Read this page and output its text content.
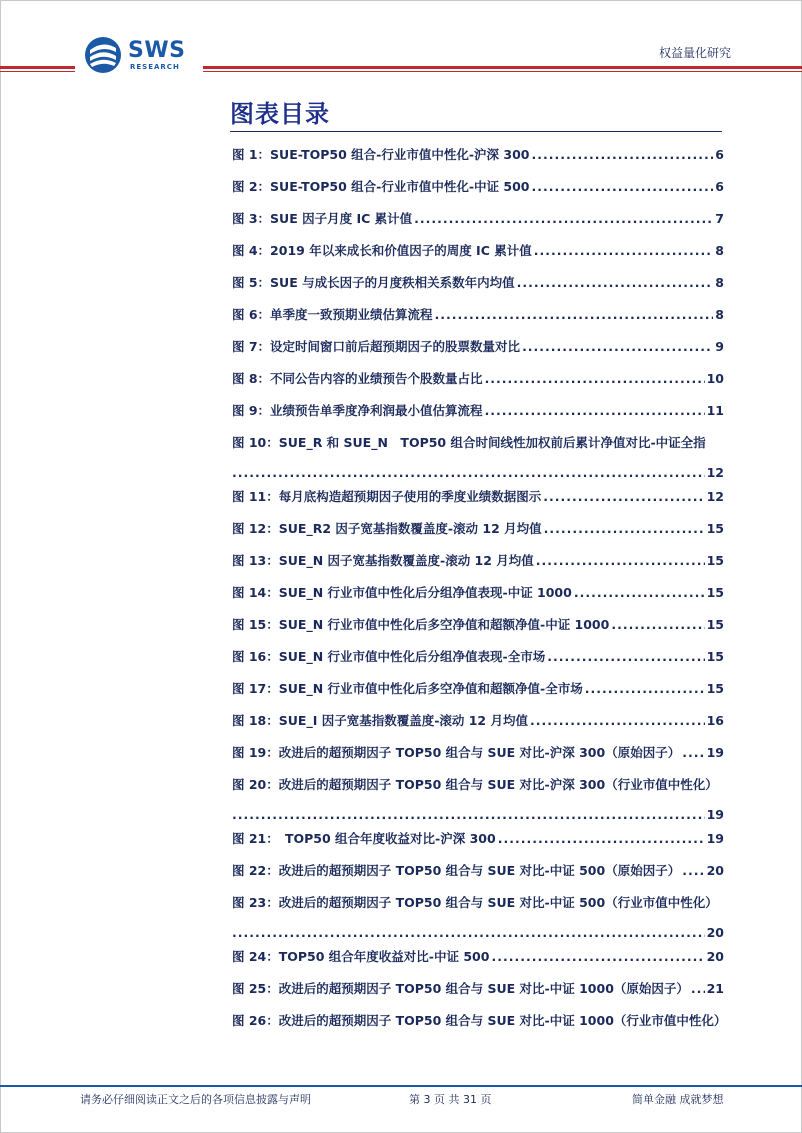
SWS
RESEARCH
权益量化研究
图表目录
图 1：SUE-TOP50 组合-行业市值中性化-沪深 300 .....	6
图 2：SUE-TOP50 组合-行业市值中性化-中证 500 .....	6
图 3：SUE 因子月度 IC 累计值 .....	7
图 4：2019 年以来成长和价值因子的周度 IC 累计值 .....	8
图 5：SUE 与成长因子的月度秩相关系数年内均值 .....	8
图 6：单季度一致预期业绩估算流程 .....	8
图 7：设定时间窗口前后超预期因子的股票数量对比 .....	9
图 8：不同公告内容的业绩预告个股数量占比 .....	10
图 9：业绩预告单季度净利润最小值估算流程 .....	11
图 10：SUE_R 和 SUE_N　TOP50 组合时间线性加权前后累计净值对比-中证全指
.....
12
图 11：每月底构造超预期因子使用的季度业绩数据图示 .....	12
图 12：SUE_R2 因子宽基指数覆盖度-滚动 12 月均值 .....	15
图 13：SUE_N 因子宽基指数覆盖度-滚动 12 月均值 .....	15
图 14：SUE_N 行业市值中性化后分组净值表现-中证 1000 .....	15
图 15：SUE_N 行业市值中性化后多空净值和超额净值-中证 1000 .....	15
图 16：SUE_N 行业市值中性化后分组净值表现-全市场 .....	15
图 17：SUE_N 行业市值中性化后多空净值和超额净值-全市场 .....	15
图 18：SUE_I 因子宽基指数覆盖度-滚动 12 月均值 .....	16
图 19：改进后的超预期因子 TOP50 组合与 SUE 对比-沪深 300（原始因子） ..... 19
图 20：改进后的超预期因子 TOP50 组合与 SUE 对比-沪深 300（行业市值中性化）
.....
19
图 21：　TOP50 组合年度收益对比-沪深 300 .....	19
图 22：改进后的超预期因子 TOP50 组合与 SUE 对比-中证 500（原始因子） ..... 20
图 23：改进后的超预期因子 TOP50 组合与 SUE 对比-中证 500（行业市值中性化）
.....
20
图 24：TOP50 组合年度收益对比-中证 500 .....	20
图 25：改进后的超预期因子 TOP50 组合与 SUE 对比-中证 1000（原始因子） ..... 21
图 26：改进后的超预期因子 TOP50 组合与 SUE 对比-中证 1000（行业市值中性化）
请务必仔细阅读正文之后的各项信息披露与声明	第 3 页 共 31 页	简单金融 成就梦想
